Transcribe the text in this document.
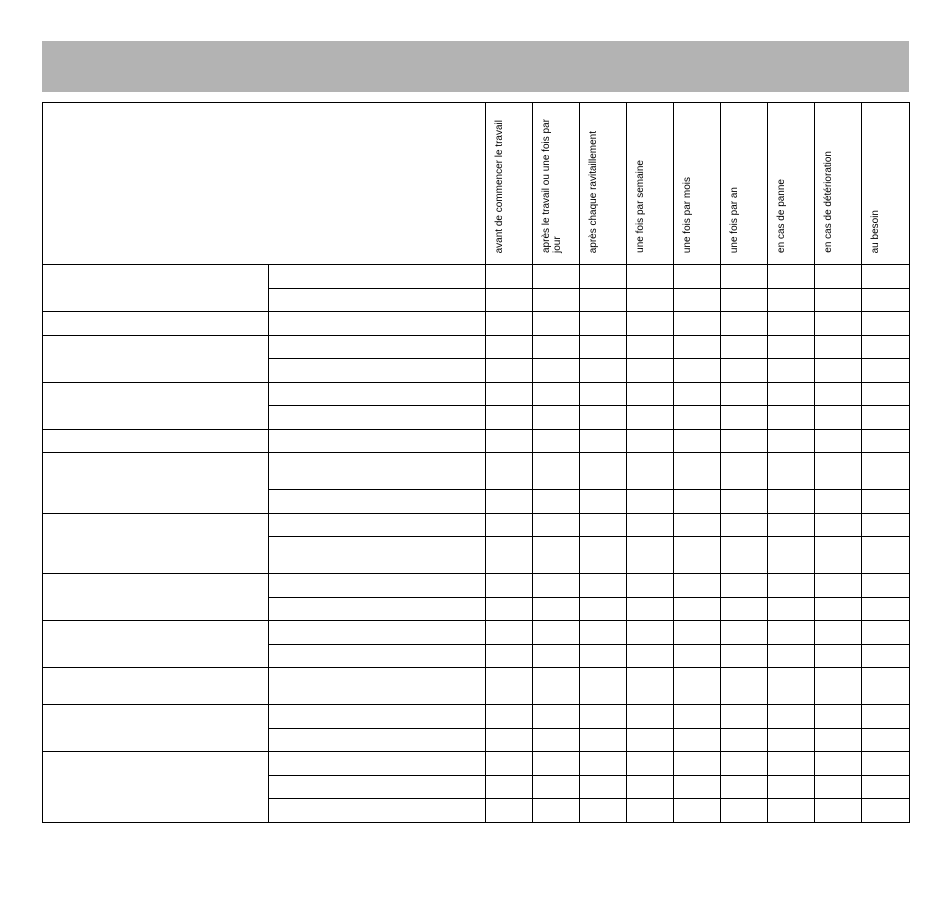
		avant de commencer le travail	après le travail ou une fois par jour	après chaque ravitaillement	une fois par semaine	une fois par mois	une fois par an	en cas de panne	en cas de détérioration	au besoin
